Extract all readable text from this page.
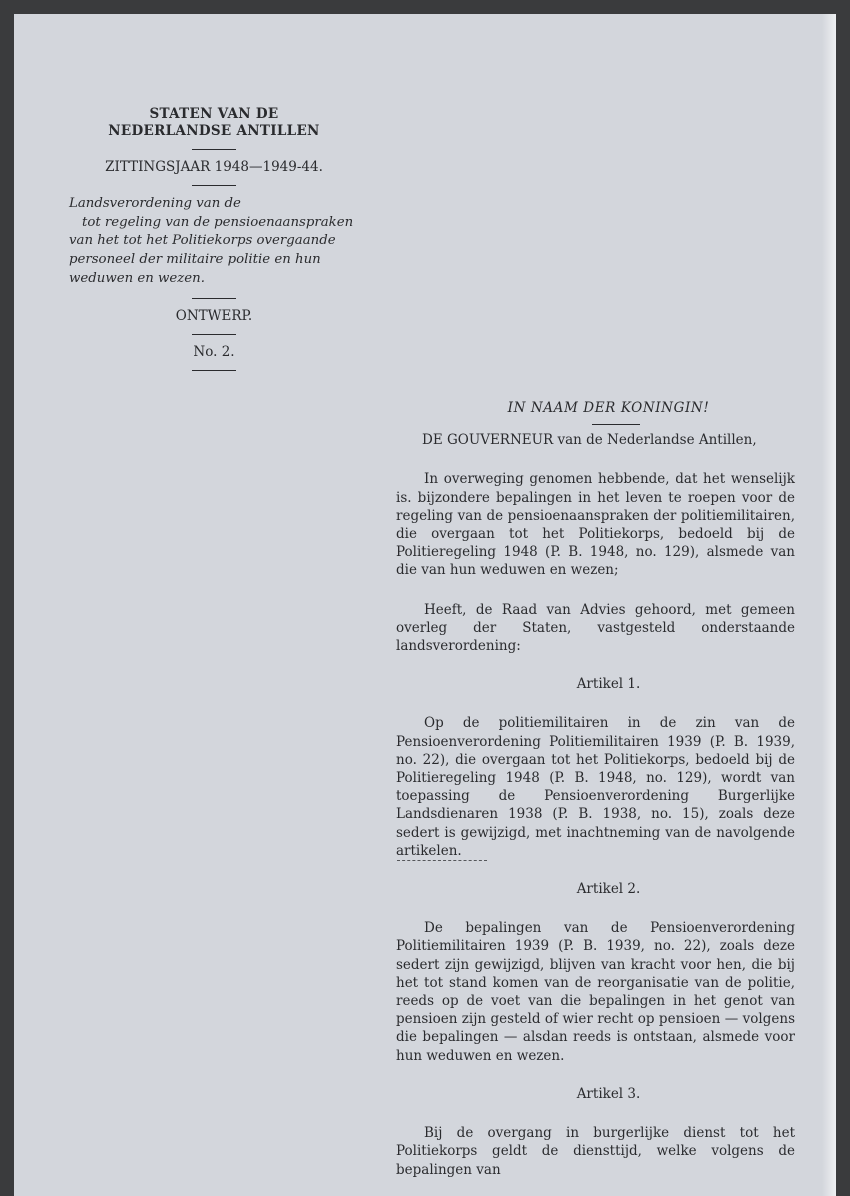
STATEN VAN DE
NEDERLANDSE ANTILLEN
ZITTINGSJAAR 1948—1949-44.
Landsverordening van de
tot regeling van de pensioenaanspraken
van het tot het Politiekorps overgaande
personeel der militaire politie en hun
weduwen en wezen.
ONTWERP.
No. 2.
IN NAAM DER KONINGIN!
DE GOUVERNEUR van de Nederlandse Antillen,

In overweging genomen hebbende, dat het wenselijk is. bijzondere bepalingen in het leven te roepen voor de regeling van de pensioenaanspraken der politiemilitairen, die overgaan tot het Politiekorps, bedoeld bij de Politieregeling 1948 (P. B. 1948, no. 129), alsmede van die van hun weduwen en wezen;

Heeft, de Raad van Advies gehoord, met gemeen overleg der Staten, vastgesteld onderstaande landsverordening:

Artikel 1.

Op de politiemilitairen in de zin van de Pensioenverordening Politiemilitairen 1939 (P. B. 1939, no. 22), die overgaan tot het Politiekorps, bedoeld bij de Politieregeling 1948 (P. B. 1948, no. 129), wordt van toepassing de Pensioenverordening Burgerlijke Landsdienaren 1938 (P. B. 1938, no. 15), zoals deze sedert is gewijzigd, met inachtneming van de navolgende artikelen.

Artikel 2.

De bepalingen van de Pensioenverordening Politiemilitairen 1939 (P. B. 1939, no. 22), zoals deze sedert zijn gewijzigd, blijven van kracht voor hen, die bij het tot stand komen van de reorganisatie van de politie, reeds op de voet van die bepalingen in het genot van pensioen zijn gesteld of wier recht op pensioen — volgens die bepalingen — alsdan reeds is ontstaan, alsmede voor hun weduwen en wezen.

Artikel 3.

Bij de overgang in burgerlijke dienst tot het Politiekorps geldt de diensttijd, welke volgens de bepalingen van
